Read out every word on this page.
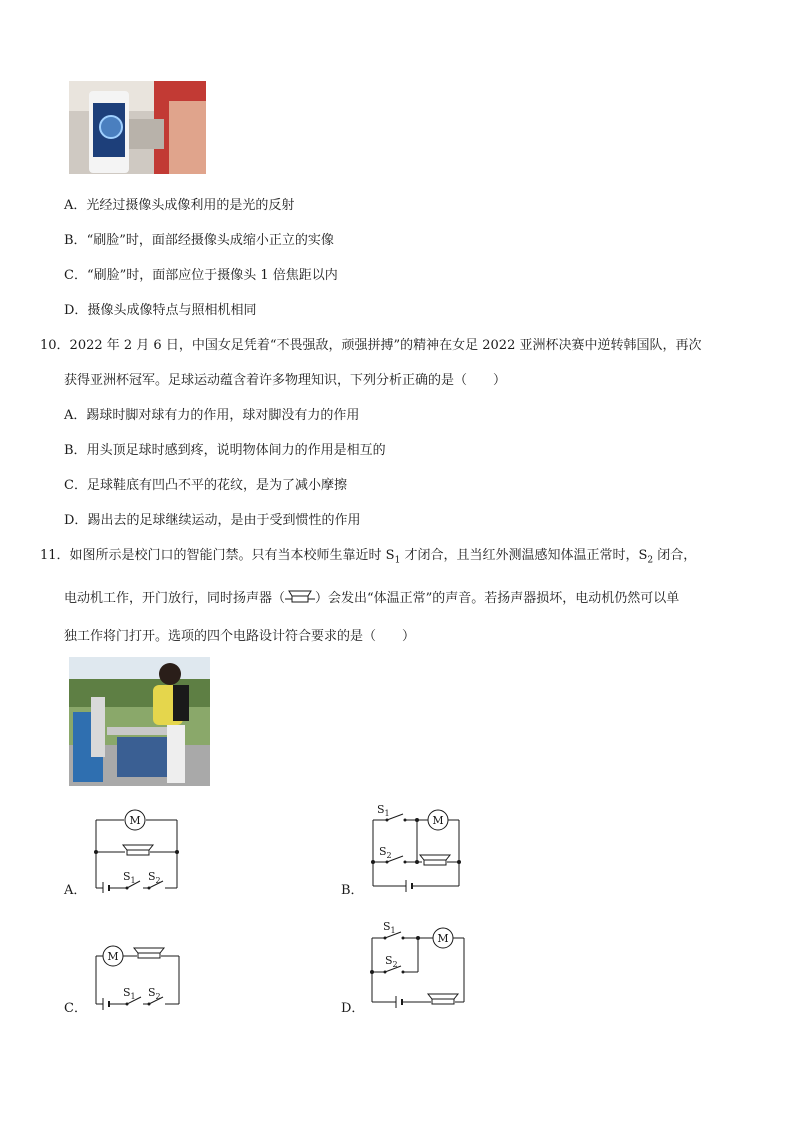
A．光经过摄像头成像利用的是光的反射
B．“刷脸”时，面部经摄像头成缩小正立的实像
C．“刷脸”时，面部应位于摄像头 1 倍焦距以内
D．摄像头成像特点与照相机相同
10．2022 年 2 月 6 日，中国女足凭着“不畏强敌，顽强拼搏”的精神在女足 2022 亚洲杯决赛中逆转韩国队，再次
获得亚洲杯冠军。足球运动蕴含着许多物理知识，下列分析正确的是（　　）
A．踢球时脚对球有力的作用，球对脚没有力的作用
B．用头顶足球时感到疼，说明物体间力的作用是相互的
C．足球鞋底有凹凸不平的花纹，是为了减小摩擦
D．踢出去的足球继续运动，是由于受到惯性的作用
11．如图所示是校门口的智能门禁。只有当本校师生靠近时 $S_1$ 才闭合，且当红外测温感知体温正常时，$S_2$ 闭合，
电动机工作，开门放行，同时扬声器（ ）会发出“体温正常”的声音。若扬声器损坏，电动机仍然可以单
独工作将门打开。选项的四个电路设计符合要求的是（　　）
M
$S_1$ $S_2$
A．
M
$S_1$
$S_2$
B．
M
$S_1$ $S_2$
C．
M
$S_1$
$S_2$
D．
